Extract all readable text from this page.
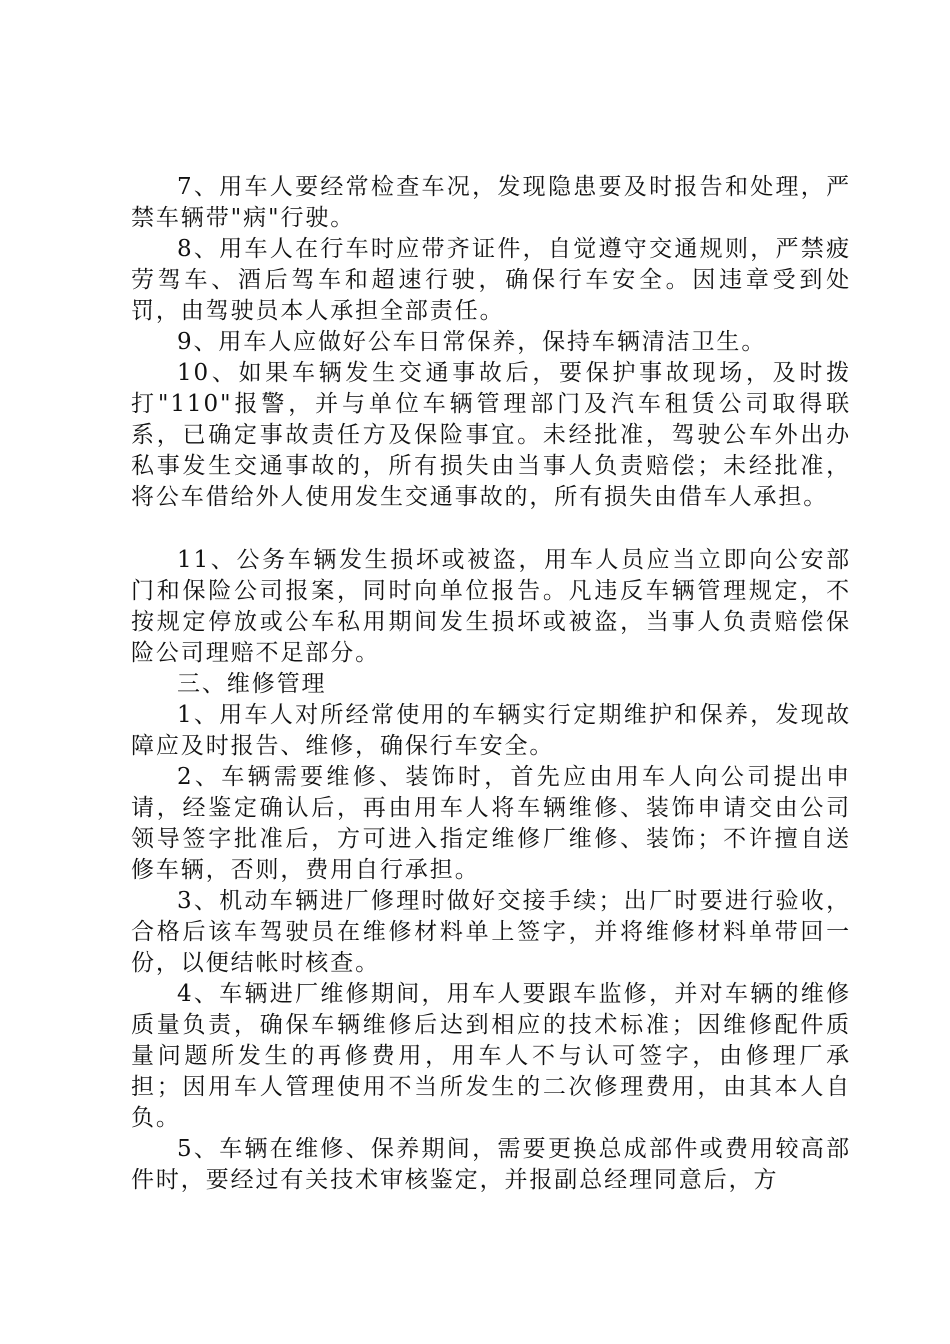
7、用车人要经常检查车况，发现隐患要及时报告和处理，严禁车辆带"病"行驶。

8、用车人在行车时应带齐证件，自觉遵守交通规则，严禁疲劳驾车、酒后驾车和超速行驶，确保行车安全。因违章受到处罚，由驾驶员本人承担全部责任。

9、用车人应做好公车日常保养，保持车辆清洁卫生。

10、如果车辆发生交通事故后，要保护事故现场，及时拨打"110"报警，并与单位车辆管理部门及汽车租赁公司取得联系，已确定事故责任方及保险事宜。未经批准，驾驶公车外出办私事发生交通事故的，所有损失由当事人负责赔偿；未经批准，将公车借给外人使用发生交通事故的，所有损失由借车人承担。

11、公务车辆发生损坏或被盗，用车人员应当立即向公安部门和保险公司报案，同时向单位报告。凡违反车辆管理规定，不按规定停放或公车私用期间发生损坏或被盗，当事人负责赔偿保险公司理赔不足部分。

三、维修管理

1、用车人对所经常使用的车辆实行定期维护和保养，发现故障应及时报告、维修，确保行车安全。

2、车辆需要维修、装饰时，首先应由用车人向公司提出申请，经鉴定确认后，再由用车人将车辆维修、装饰申请交由公司领导签字批准后，方可进入指定维修厂维修、装饰；不许擅自送修车辆，否则，费用自行承担。

3、机动车辆进厂修理时做好交接手续；出厂时要进行验收，合格后该车驾驶员在维修材料单上签字，并将维修材料单带回一份，以便结帐时核查。

4、车辆进厂维修期间，用车人要跟车监修，并对车辆的维修质量负责，确保车辆维修后达到相应的技术标准；因维修配件质量问题所发生的再修费用，用车人不与认可签字，由修理厂承担；因用车人管理使用不当所发生的二次修理费用，由其本人自负。

5、车辆在维修、保养期间，需要更换总成部件或费用较高部件时，要经过有关技术审核鉴定，并报副总经理同意后，方
